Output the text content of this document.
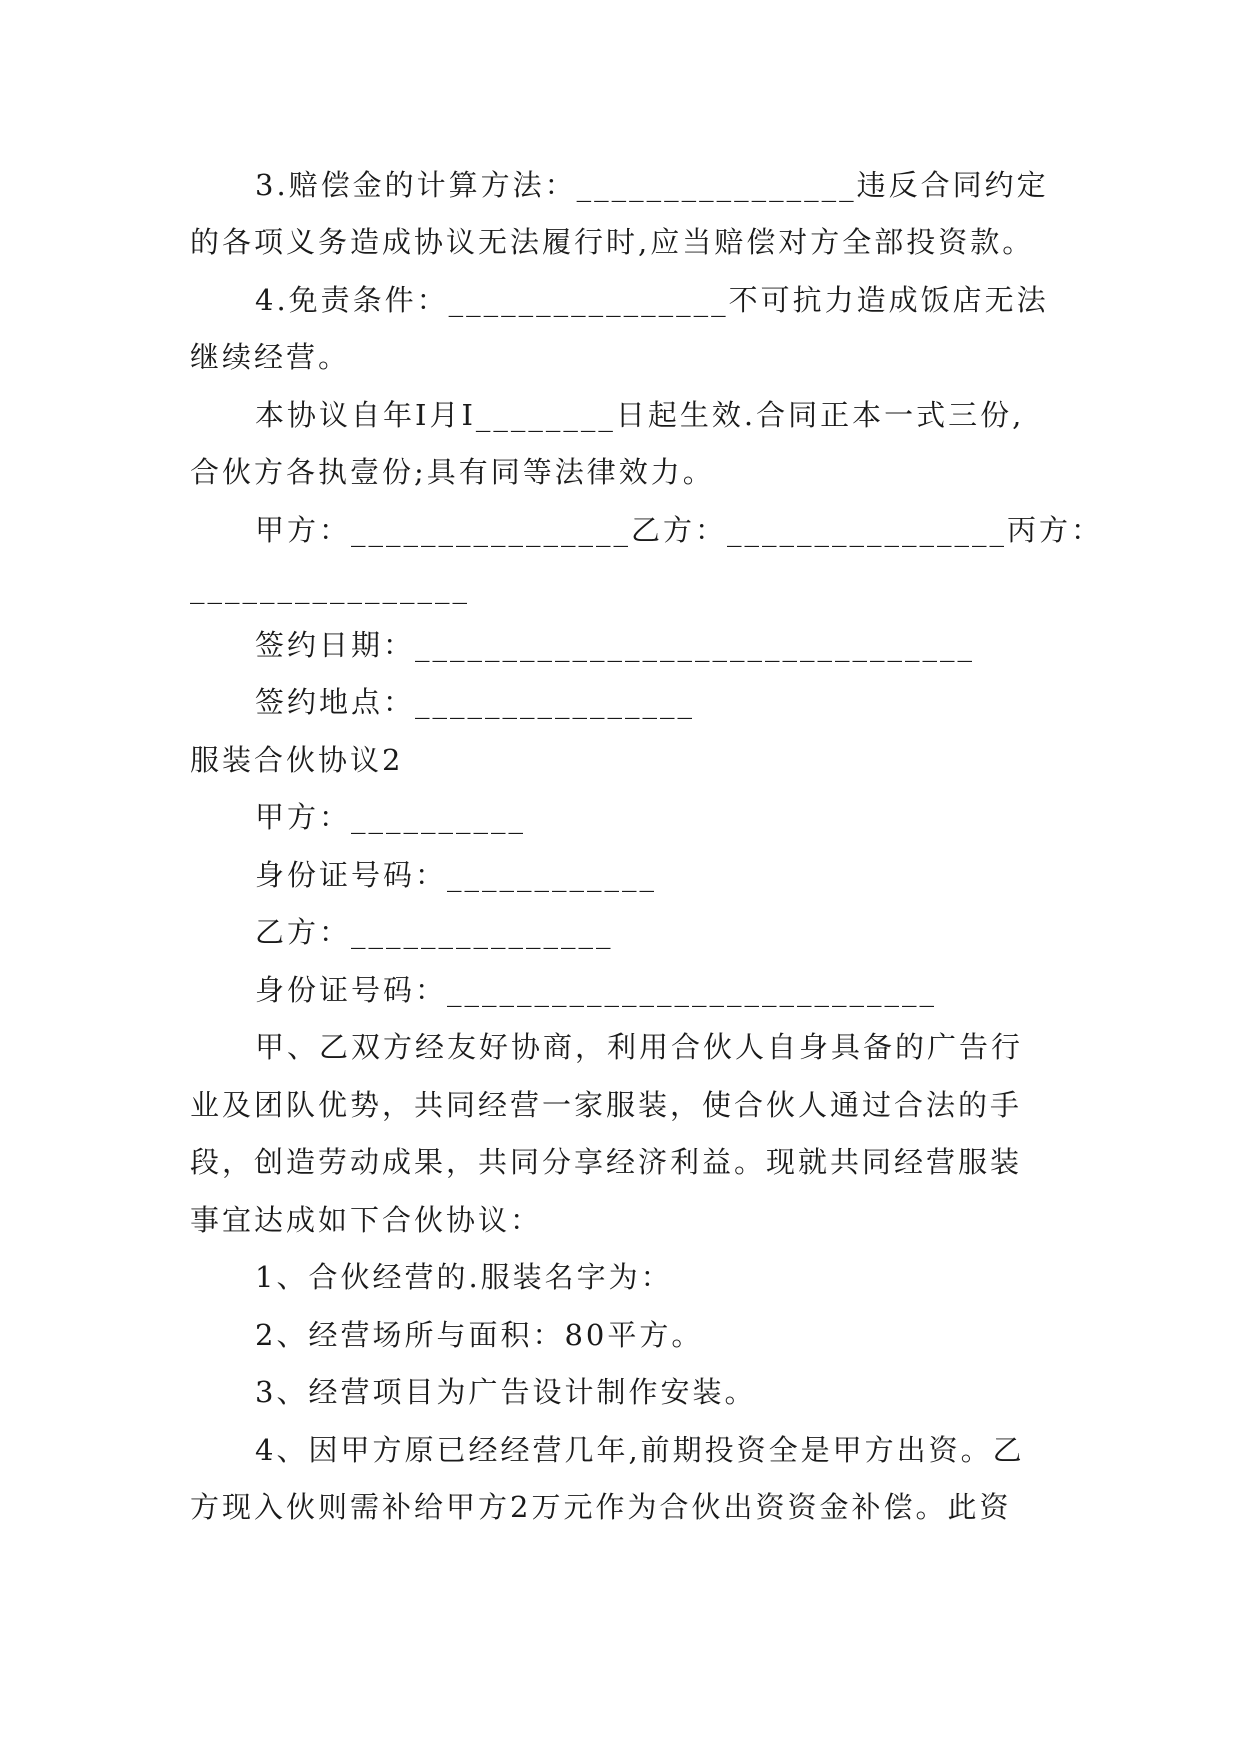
3.赔偿金的计算方法：________________违反合同约定
的各项义务造成协议无法履行时,应当赔偿对方全部投资款。
4.免责条件：________________不可抗力造成饭店无法
继续经营。
本协议自年I月I________日起生效.合同正本一式三份,
合伙方各执壹份;具有同等法律效力。
甲方：________________乙方：________________丙方：
________________
签约日期：________________________________
签约地点：________________
服装合伙协议2
甲方：__________
身份证号码：____________
乙方：_______________
身份证号码：____________________________
甲、乙双方经友好协商，利用合伙人自身具备的广告行
业及团队优势，共同经营一家服装，使合伙人通过合法的手
段，创造劳动成果，共同分享经济利益。现就共同经营服装
事宜达成如下合伙协议：
1、合伙经营的.服装名字为：
2、经营场所与面积：80平方。
3、经营项目为广告设计制作安装。
4、因甲方原已经经营几年,前期投资全是甲方出资。乙
方现入伙则需补给甲方2万元作为合伙出资资金补偿。此资
